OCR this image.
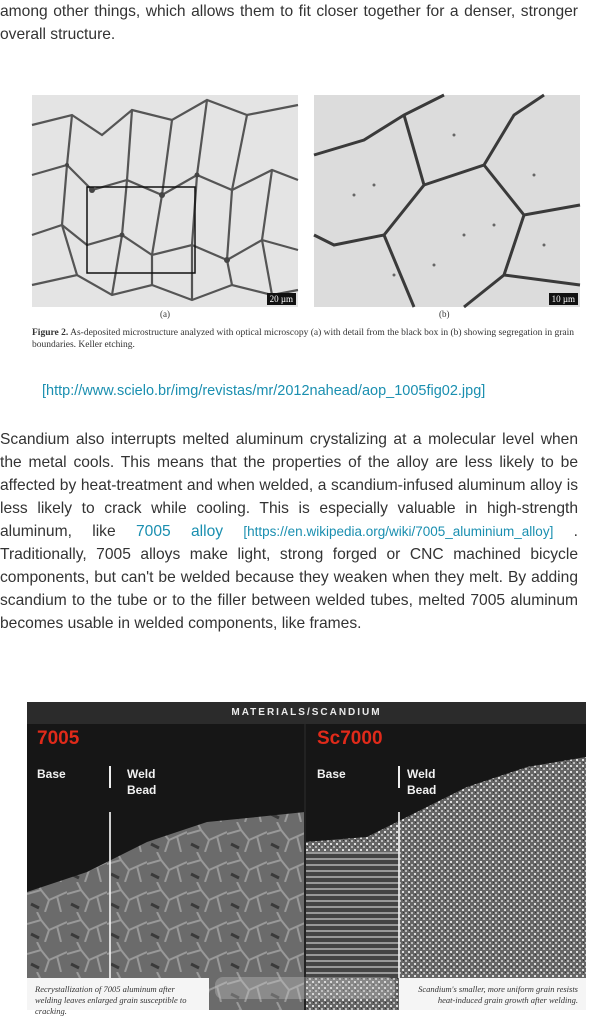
among other things, which allows them to fit closer together for a denser, stronger overall structure.

20 µm	10 µm
(a)	(b)
Figure 2. As-deposited microstructure analyzed with optical microscopy (a) with detail from the black box in (b) showing segregation in grain boundaries. Keller etching.
[http://www.scielo.br/img/revistas/mr/2012nahead/aop_1005fig02.jpg]

Scandium also interrupts melted aluminum crystalizing at a molecular level when the metal cools. This means that the properties of the alloy are less likely to be affected by heat-treatment and when welded, a scandium-infused aluminum alloy is less likely to crack while cooling. This is especially valuable in high-strength aluminum, like 7005 alloy [https://en.wikipedia.org/wiki/7005_aluminium_alloy] . Traditionally, 7005 alloys make light, strong forged or CNC machined bicycle components, but can't be welded because they weaken when they melt. By adding scandium to the tube or to the filler between welded tubes, melted 7005 aluminum becomes usable in welded components, like frames.

MATERIALS/SCANDIUM
7005	Sc7000
Base	Weld
Bead
Base	Weld
Bead
Recrystallization of 7005 aluminum after welding leaves enlarged grain susceptible to cracking.
Scandium's smaller, more uniform grain resists heat-induced grain growth after welding.
